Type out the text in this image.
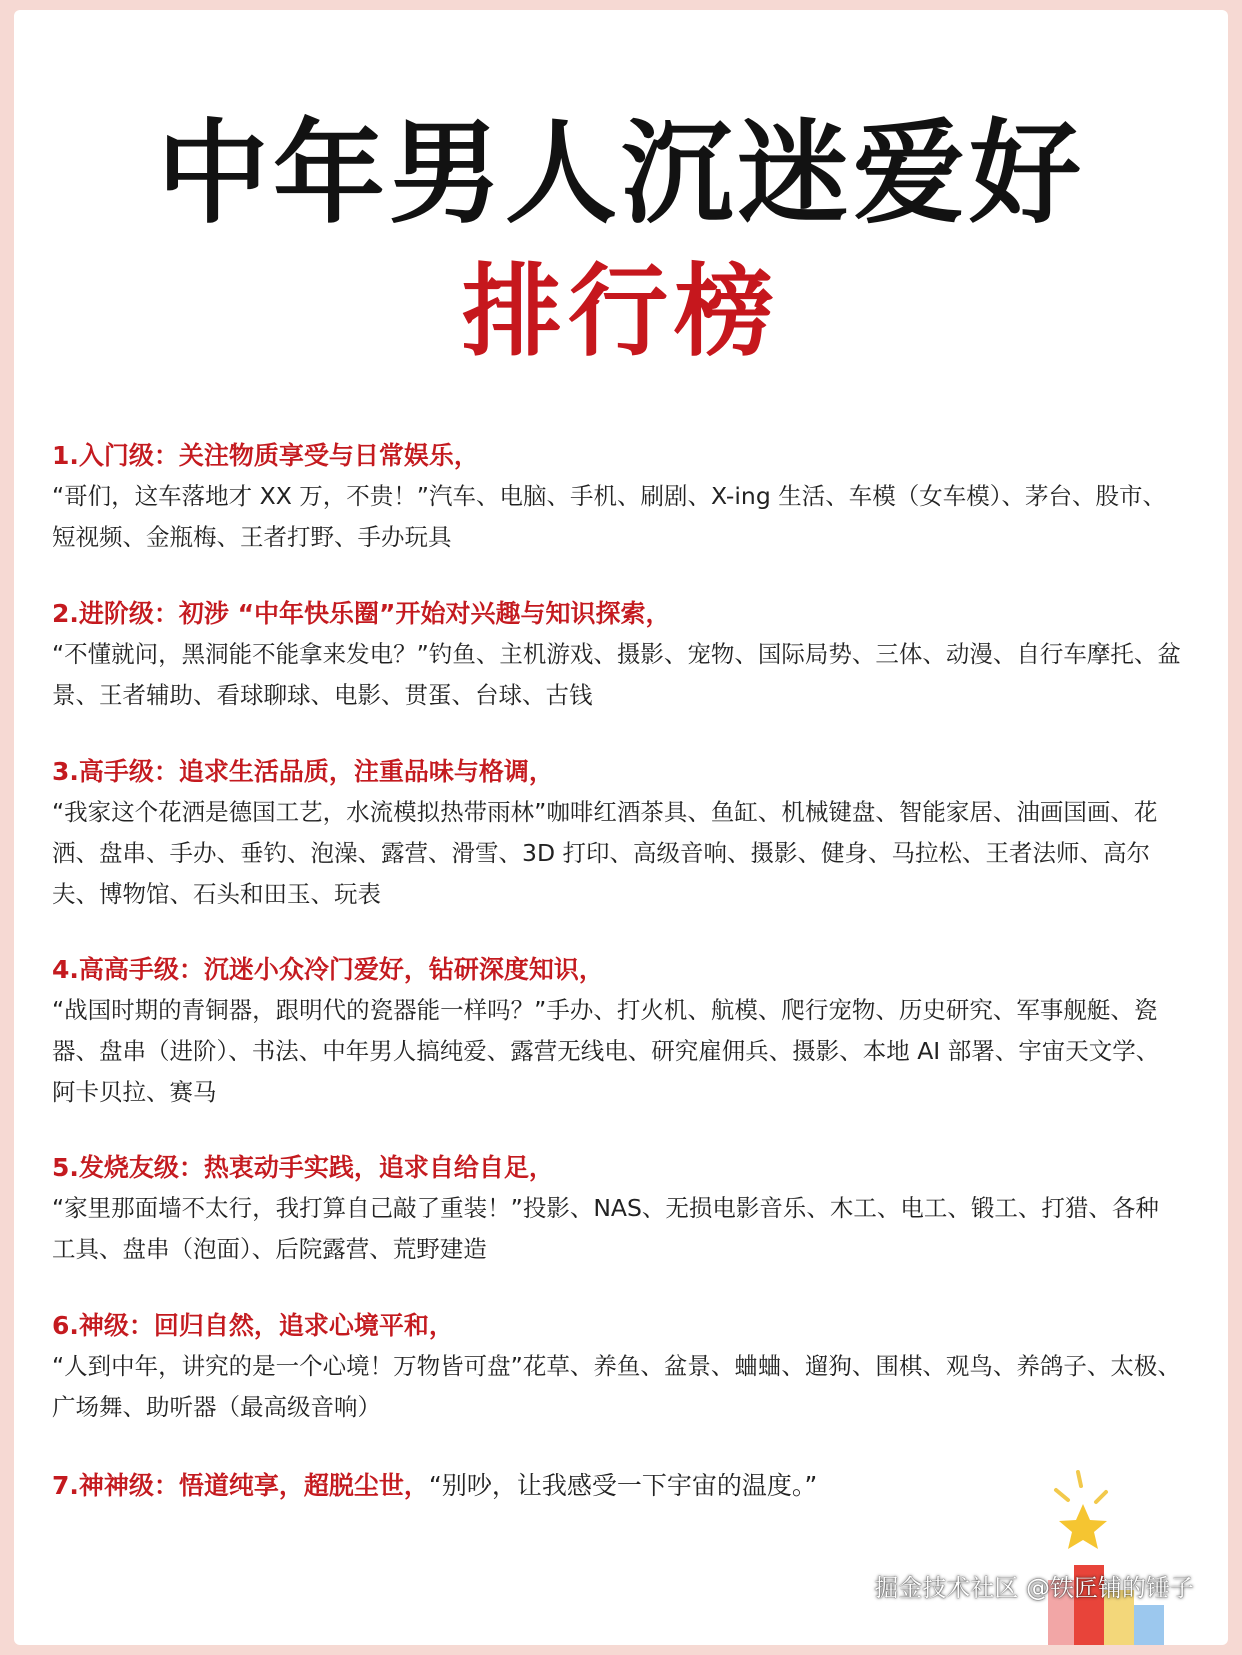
中年男人沉迷爱好
排行榜

1.入门级：关注物质享受与日常娱乐，

“哥们，这车落地才 XX 万，不贵！”汽车、电脑、手机、刷剧、X-ing 生活、车模（女车模）、茅台、股市、短视频、金瓶梅、王者打野、手办玩具

2.进阶级：初涉 “中年快乐圈”开始对兴趣与知识探索，

“不懂就问，黑洞能不能拿来发电？”钓鱼、主机游戏、摄影、宠物、国际局势、三体、动漫、自行车摩托、盆景、王者辅助、看球聊球、电影、贯蛋、台球、古钱

3.高手级：追求生活品质，注重品味与格调，

“我家这个花洒是德国工艺，水流模拟热带雨林”咖啡红酒茶具、鱼缸、机械键盘、智能家居、油画国画、花洒、盘串、手办、垂钓、泡澡、露营、滑雪、3D 打印、高级音响、摄影、健身、马拉松、王者法师、高尔夫、博物馆、石头和田玉、玩表

4.高高手级：沉迷小众冷门爱好，钻研深度知识，

“战国时期的青铜器，跟明代的瓷器能一样吗？”手办、打火机、航模、爬行宠物、历史研究、军事舰艇、瓷器、盘串（进阶）、书法、中年男人搞纯爱、露营无线电、研究雇佣兵、摄影、本地 AI 部署、宇宙天文学、阿卡贝拉、赛马

5.发烧友级：热衷动手实践，追求自给自足，

“家里那面墙不太行，我打算自己敲了重装！”投影、NAS、无损电影音乐、木工、电工、锻工、打猎、各种工具、盘串（泡面）、后院露营、荒野建造

6.神级：回归自然，追求心境平和，

“人到中年，讲究的是一个心境！万物皆可盘”花草、养鱼、盆景、蛐蛐、遛狗、围棋、观鸟、养鸽子、太极、广场舞、助听器（最高级音响）

7.神神级：悟道纯享，超脱尘世， “别吵，让我感受一下宇宙的温度。”
掘金技术社区 @铁匠铺的锤子
